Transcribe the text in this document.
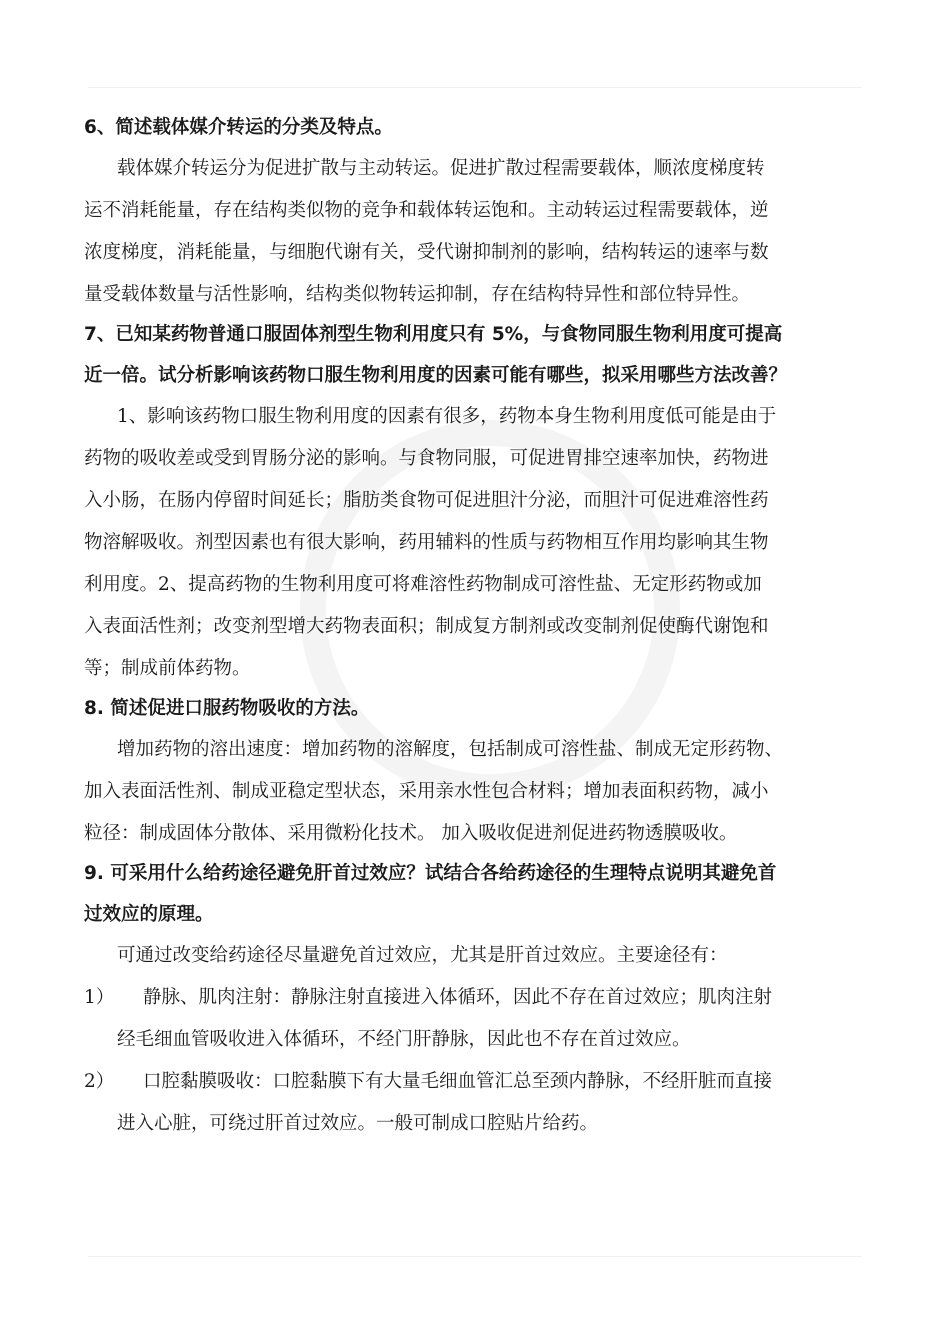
6、简述载体媒介转运的分类及特点。
载体媒介转运分为促进扩散与主动转运。促进扩散过程需要载体，顺浓度梯度转
运不消耗能量，存在结构类似物的竞争和载体转运饱和。主动转运过程需要载体，逆
浓度梯度，消耗能量，与细胞代谢有关，受代谢抑制剂的影响，结构转运的速率与数
量受载体数量与活性影响，结构类似物转运抑制，存在结构特异性和部位特异性。
7、已知某药物普通口服固体剂型生物利用度只有 5%，与食物同服生物利用度可提高
近一倍。试分析影响该药物口服生物利用度的因素可能有哪些，拟采用哪些方法改善？
1、影响该药物口服生物利用度的因素有很多，药物本身生物利用度低可能是由于
药物的吸收差或受到胃肠分泌的影响。与食物同服，可促进胃排空速率加快，药物进
入小肠，在肠内停留时间延长；脂肪类食物可促进胆汁分泌，而胆汁可促进难溶性药
物溶解吸收。剂型因素也有很大影响，药用辅料的性质与药物相互作用均影响其生物
利用度。2、提高药物的生物利用度可将难溶性药物制成可溶性盐、无定形药物或加
入表面活性剂；改变剂型增大药物表面积；制成复方制剂或改变制剂促使酶代谢饱和
等；制成前体药物。
8. 简述促进口服药物吸收的方法。
增加药物的溶出速度：增加药物的溶解度，包括制成可溶性盐、制成无定形药物、
加入表面活性剂、制成亚稳定型状态，采用亲水性包合材料；增加表面积药物，减小
粒径：制成固体分散体、采用微粉化技术。 加入吸收促进剂促进药物透膜吸收。
9. 可采用什么给药途径避免肝首过效应？试结合各给药途径的生理特点说明其避免首
过效应的原理。
可通过改变给药途径尽量避免首过效应，尤其是肝首过效应。主要途径有：
1） 静脉、肌肉注射：静脉注射直接进入体循环，因此不存在首过效应；肌肉注射
经毛细血管吸收进入体循环，不经门肝静脉，因此也不存在首过效应。
2） 口腔黏膜吸收：口腔黏膜下有大量毛细血管汇总至颈内静脉，不经肝脏而直接
进入心脏，可绕过肝首过效应。一般可制成口腔贴片给药。
